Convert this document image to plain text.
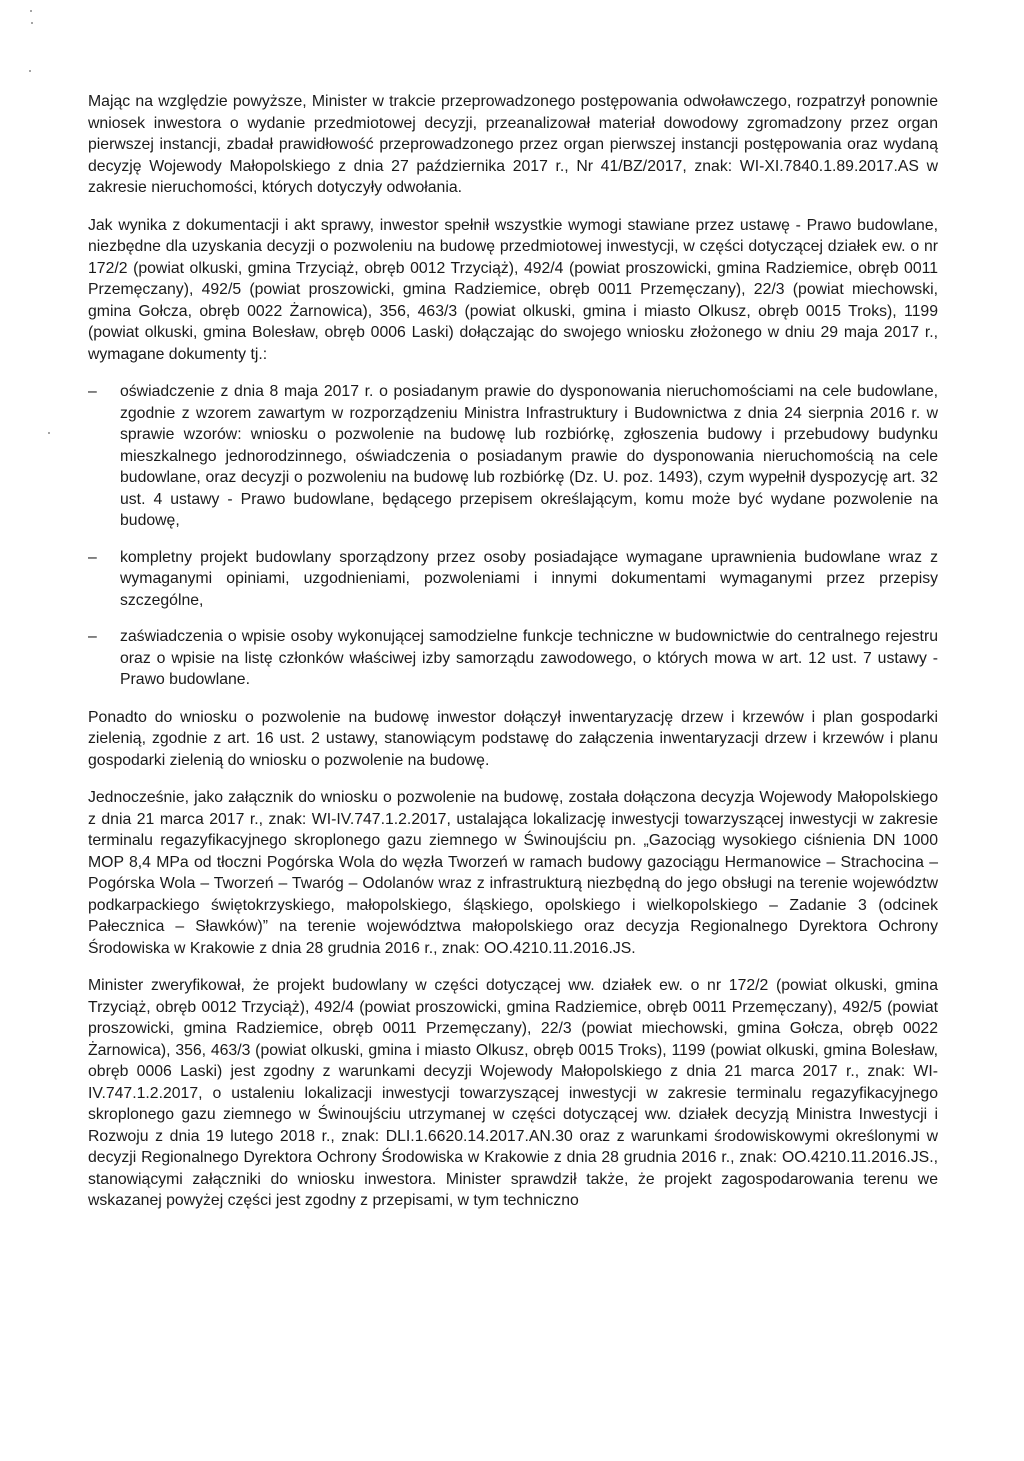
Mając na względzie powyższe, Minister w trakcie przeprowadzonego postępowania odwoławczego, rozpatrzył ponownie wniosek inwestora o wydanie przedmiotowej decyzji, przeanalizował materiał dowodowy zgromadzony przez organ pierwszej instancji, zbadał prawidłowość przeprowadzonego przez organ pierwszej instancji postępowania oraz wydaną decyzję Wojewody Małopolskiego z dnia 27 października 2017 r., Nr 41/BZ/2017, znak: WI-XI.7840.1.89.2017.AS w zakresie nieruchomości, których dotyczyły odwołania.

Jak wynika z dokumentacji i akt sprawy, inwestor spełnił wszystkie wymogi stawiane przez ustawę - Prawo budowlane, niezbędne dla uzyskania decyzji o pozwoleniu na budowę przedmiotowej inwestycji, w części dotyczącej działek ew. o nr 172/2 (powiat olkuski, gmina Trzyciąż, obręb 0012 Trzyciąż), 492/4 (powiat proszowicki, gmina Radziemice, obręb 0011 Przemęczany), 492/5 (powiat proszowicki, gmina Radziemice, obręb 0011 Przemęczany), 22/3 (powiat miechowski, gmina Gołcza, obręb 0022 Żarnowica), 356, 463/3 (powiat olkuski, gmina i miasto Olkusz, obręb 0015 Troks), 1199 (powiat olkuski, gmina Bolesław, obręb 0006 Laski) dołączając do swojego wniosku złożonego w dniu 29 maja 2017 r., wymagane dokumenty tj.:

–	oświadczenie z dnia 8 maja 2017 r. o posiadanym prawie do dysponowania nieruchomościami na cele budowlane, zgodnie z wzorem zawartym w rozporządzeniu Ministra Infrastruktury i Budownictwa z dnia 24 sierpnia 2016 r. w sprawie wzorów: wniosku o pozwolenie na budowę lub rozbiórkę, zgłoszenia budowy i przebudowy budynku mieszkalnego jednorodzinnego, oświadczenia o posiadanym prawie do dysponowania nieruchomością na cele budowlane, oraz decyzji o pozwoleniu na budowę lub rozbiórkę (Dz. U. poz. 1493), czym wypełnił dyspozycję art. 32 ust. 4 ustawy - Prawo budowlane, będącego przepisem określającym, komu może być wydane pozwolenie na budowę,
–	kompletny projekt budowlany sporządzony przez osoby posiadające wymagane uprawnienia budowlane wraz z wymaganymi opiniami, uzgodnieniami, pozwoleniami i innymi dokumentami wymaganymi przez przepisy szczególne,
–	zaświadczenia o wpisie osoby wykonującej samodzielne funkcje techniczne w budownictwie do centralnego rejestru oraz o wpisie na listę członków właściwej izby samorządu zawodowego, o których mowa w art. 12 ust. 7 ustawy - Prawo budowlane.

Ponadto do wniosku o pozwolenie na budowę inwestor dołączył inwentaryzację drzew i krzewów i plan gospodarki zielenią, zgodnie z art. 16 ust. 2 ustawy, stanowiącym podstawę do załączenia inwentaryzacji drzew i krzewów i planu gospodarki zielenią do wniosku o pozwolenie na budowę.

Jednocześnie, jako załącznik do wniosku o pozwolenie na budowę, została dołączona decyzja Wojewody Małopolskiego z dnia 21 marca 2017 r., znak: WI-IV.747.1.2.2017, ustalająca lokalizację inwestycji towarzyszącej inwestycji w zakresie terminalu regazyfikacyjnego skroplonego gazu ziemnego w Świnoujściu pn. „Gazociąg wysokiego ciśnienia DN 1000 MOP 8,4 MPa od tłoczni Pogórska Wola do węzła Tworzeń w ramach budowy gazociągu Hermanowice – Strachocina – Pogórska Wola – Tworzeń – Twaróg – Odolanów wraz z infrastrukturą niezbędną do jego obsługi na terenie województw podkarpackiego świętokrzyskiego, małopolskiego, śląskiego, opolskiego i wielkopolskiego – Zadanie 3 (odcinek Pałecznica – Sławków)” na terenie województwa małopolskiego oraz decyzja Regionalnego Dyrektora Ochrony Środowiska w Krakowie z dnia 28 grudnia 2016 r., znak: OO.4210.11.2016.JS.

Minister zweryfikował, że projekt budowlany w części dotyczącej ww. działek ew. o nr 172/2 (powiat olkuski, gmina Trzyciąż, obręb 0012 Trzyciąż), 492/4 (powiat proszowicki, gmina Radziemice, obręb 0011 Przemęczany), 492/5 (powiat proszowicki, gmina Radziemice, obręb 0011 Przemęczany), 22/3 (powiat miechowski, gmina Gołcza, obręb 0022 Żarnowica), 356, 463/3 (powiat olkuski, gmina i miasto Olkusz, obręb 0015 Troks), 1199 (powiat olkuski, gmina Bolesław, obręb 0006 Laski) jest zgodny z warunkami decyzji Wojewody Małopolskiego z dnia 21 marca 2017 r., znak: WI-IV.747.1.2.2017, o ustaleniu lokalizacji inwestycji towarzyszącej inwestycji w zakresie terminalu regazyfikacyjnego skroplonego gazu ziemnego w Świnoujściu utrzymanej w części dotyczącej ww. działek decyzją Ministra Inwestycji i Rozwoju z dnia 19 lutego 2018 r., znak: DLI.1.6620.14.2017.AN.30 oraz z warunkami środowiskowymi określonymi w decyzji Regionalnego Dyrektora Ochrony Środowiska w Krakowie z dnia 28 grudnia 2016 r., znak: OO.4210.11.2016.JS., stanowiącymi załączniki do wniosku inwestora. Minister sprawdził także, że projekt zagospodarowania terenu we wskazanej powyżej części jest zgodny z przepisami, w tym techniczno
